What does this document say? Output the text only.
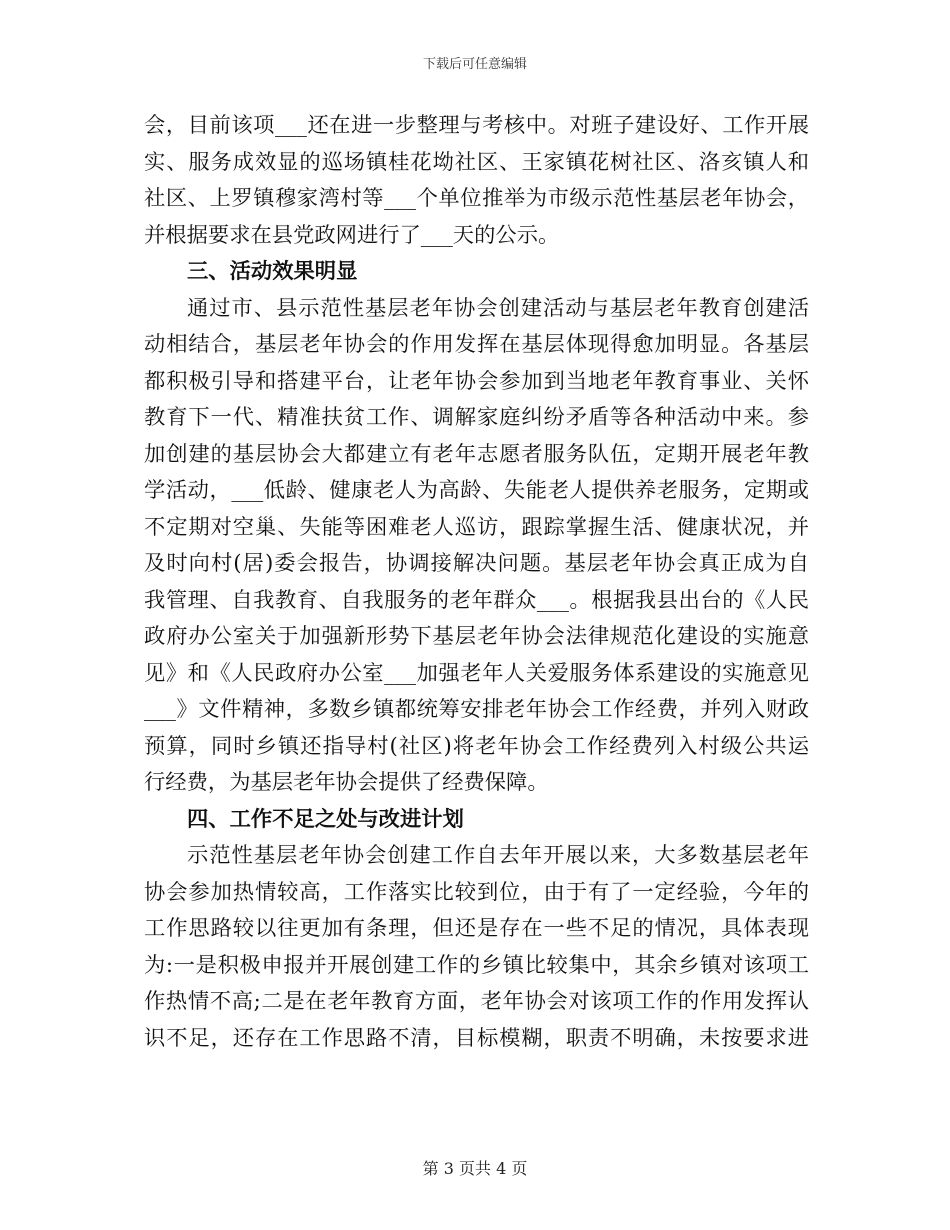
下载后可任意编辑
会，目前该项___还在进一步整理与考核中。对班子建设好、工作开展
实、服务成效显的巡场镇桂花坳社区、王家镇花树社区、洛亥镇人和
社区、上罗镇穆家湾村等___个单位推举为市级示范性基层老年协会，
并根据要求在县党政网进行了___天的公示。
三、活动效果明显
通过市、县示范性基层老年协会创建活动与基层老年教育创建活
动相结合，基层老年协会的作用发挥在基层体现得愈加明显。各基层
都积极引导和搭建平台，让老年协会参加到当地老年教育事业、关怀
教育下一代、精准扶贫工作、调解家庭纠纷矛盾等各种活动中来。参
加创建的基层协会大都建立有老年志愿者服务队伍，定期开展老年教
学活动，___低龄、健康老人为高龄、失能老人提供养老服务，定期或
不定期对空巢、失能等困难老人巡访，跟踪掌握生活、健康状况，并
及时向村(居)委会报告，协调接解决问题。基层老年协会真正成为自
我管理、自我教育、自我服务的老年群众___。根据我县出台的《人民
政府办公室关于加强新形势下基层老年协会法律规范化建设的实施意
见》和《人民政府办公室___加强老年人关爱服务体系建设的实施意见
___》文件精神，多数乡镇都统筹安排老年协会工作经费，并列入财政
预算，同时乡镇还指导村(社区)将老年协会工作经费列入村级公共运
行经费，为基层老年协会提供了经费保障。
四、工作不足之处与改进计划
示范性基层老年协会创建工作自去年开展以来，大多数基层老年
协会参加热情较高，工作落实比较到位，由于有了一定经验，今年的
工作思路较以往更加有条理，但还是存在一些不足的情况，具体表现
为:一是积极申报并开展创建工作的乡镇比较集中，其余乡镇对该项工
作热情不高;二是在老年教育方面，老年协会对该项工作的作用发挥认
识不足，还存在工作思路不清，目标模糊，职责不明确，未按要求进
第 3 页共 4 页
